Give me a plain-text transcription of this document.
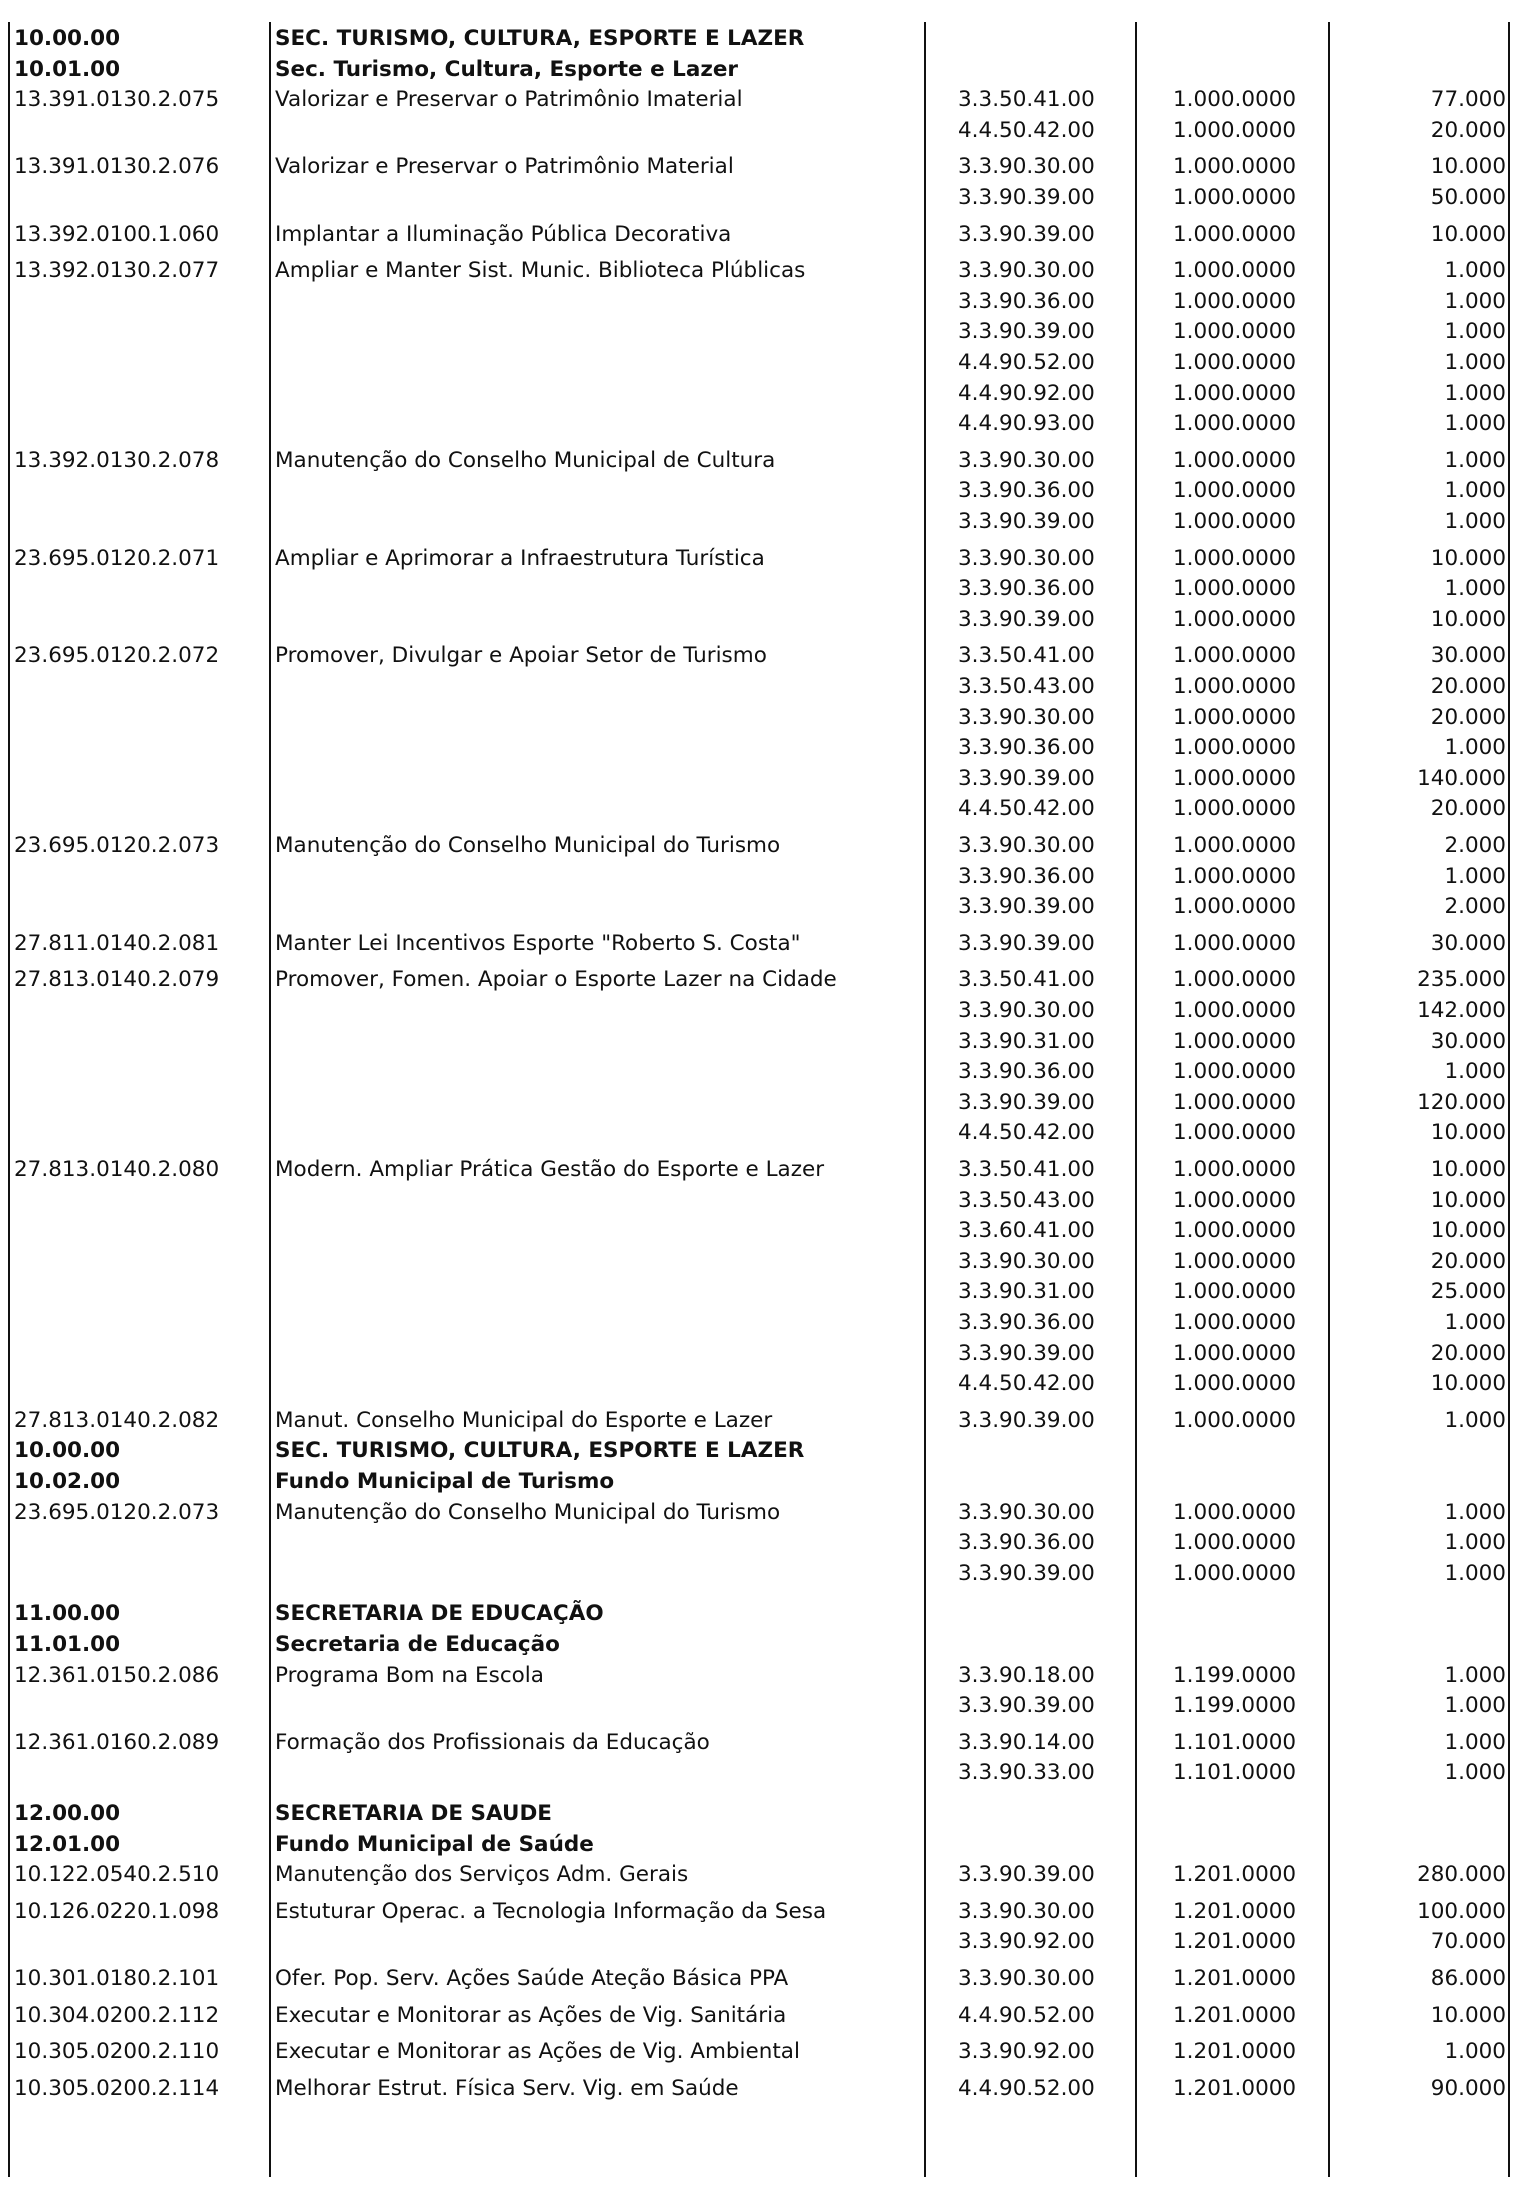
10.00.00	SEC. TURISMO, CULTURA, ESPORTE E LAZER
10.01.00	Sec. Turismo, Cultura, Esporte e Lazer
13.391.0130.2.075	Valorizar e Preservar o Patrimônio Imaterial	3.3.50.41.00	1.000.0000	77.000
4.4.50.42.00	1.000.0000	20.000
13.391.0130.2.076	Valorizar e Preservar o Patrimônio Material	3.3.90.30.00	1.000.0000	10.000
3.3.90.39.00	1.000.0000	50.000
13.392.0100.1.060	Implantar a Iluminação Pública Decorativa	3.3.90.39.00	1.000.0000	10.000
13.392.0130.2.077	Ampliar e Manter Sist. Munic. Biblioteca Plúblicas	3.3.90.30.00	1.000.0000	1.000
3.3.90.36.00	1.000.0000	1.000
3.3.90.39.00	1.000.0000	1.000
4.4.90.52.00	1.000.0000	1.000
4.4.90.92.00	1.000.0000	1.000
4.4.90.93.00	1.000.0000	1.000
13.392.0130.2.078	Manutenção do Conselho Municipal de Cultura	3.3.90.30.00	1.000.0000	1.000
3.3.90.36.00	1.000.0000	1.000
3.3.90.39.00	1.000.0000	1.000
23.695.0120.2.071	Ampliar e Aprimorar a Infraestrutura Turística	3.3.90.30.00	1.000.0000	10.000
3.3.90.36.00	1.000.0000	1.000
3.3.90.39.00	1.000.0000	10.000
23.695.0120.2.072	Promover, Divulgar e Apoiar Setor de Turismo	3.3.50.41.00	1.000.0000	30.000
3.3.50.43.00	1.000.0000	20.000
3.3.90.30.00	1.000.0000	20.000
3.3.90.36.00	1.000.0000	1.000
3.3.90.39.00	1.000.0000	140.000
4.4.50.42.00	1.000.0000	20.000
23.695.0120.2.073	Manutenção do Conselho Municipal do Turismo	3.3.90.30.00	1.000.0000	2.000
3.3.90.36.00	1.000.0000	1.000
3.3.90.39.00	1.000.0000	2.000
27.811.0140.2.081	Manter Lei Incentivos Esporte "Roberto S. Costa"	3.3.90.39.00	1.000.0000	30.000
27.813.0140.2.079	Promover, Fomen. Apoiar o Esporte Lazer na Cidade	3.3.50.41.00	1.000.0000	235.000
3.3.90.30.00	1.000.0000	142.000
3.3.90.31.00	1.000.0000	30.000
3.3.90.36.00	1.000.0000	1.000
3.3.90.39.00	1.000.0000	120.000
4.4.50.42.00	1.000.0000	10.000
27.813.0140.2.080	Modern. Ampliar Prática Gestão do Esporte e Lazer	3.3.50.41.00	1.000.0000	10.000
3.3.50.43.00	1.000.0000	10.000
3.3.60.41.00	1.000.0000	10.000
3.3.90.30.00	1.000.0000	20.000
3.3.90.31.00	1.000.0000	25.000
3.3.90.36.00	1.000.0000	1.000
3.3.90.39.00	1.000.0000	20.000
4.4.50.42.00	1.000.0000	10.000
27.813.0140.2.082	Manut. Conselho Municipal do Esporte e Lazer	3.3.90.39.00	1.000.0000	1.000
10.00.00	SEC. TURISMO, CULTURA, ESPORTE E LAZER
10.02.00	Fundo Municipal de Turismo
23.695.0120.2.073	Manutenção do Conselho Municipal do Turismo	3.3.90.30.00	1.000.0000	1.000
3.3.90.36.00	1.000.0000	1.000
3.3.90.39.00	1.000.0000	1.000
11.00.00	SECRETARIA DE EDUCAÇÃO
11.01.00	Secretaria de Educação
12.361.0150.2.086	Programa Bom na Escola	3.3.90.18.00	1.199.0000	1.000
3.3.90.39.00	1.199.0000	1.000
12.361.0160.2.089	Formação dos Profissionais da Educação	3.3.90.14.00	1.101.0000	1.000
3.3.90.33.00	1.101.0000	1.000
12.00.00	SECRETARIA DE SAUDE
12.01.00	Fundo Municipal de Saúde
10.122.0540.2.510	Manutenção dos Serviços Adm. Gerais	3.3.90.39.00	1.201.0000	280.000
10.126.0220.1.098	Estuturar Operac. a Tecnologia Informação da Sesa	3.3.90.30.00	1.201.0000	100.000
3.3.90.92.00	1.201.0000	70.000
10.301.0180.2.101	Ofer. Pop. Serv. Ações Saúde Ateção Básica PPA	3.3.90.30.00	1.201.0000	86.000
10.304.0200.2.112	Executar e Monitorar as Ações de Vig. Sanitária	4.4.90.52.00	1.201.0000	10.000
10.305.0200.2.110	Executar e Monitorar as Ações de Vig. Ambiental	3.3.90.92.00	1.201.0000	1.000
10.305.0200.2.114	Melhorar Estrut. Física Serv. Vig. em Saúde	4.4.90.52.00	1.201.0000	90.000
